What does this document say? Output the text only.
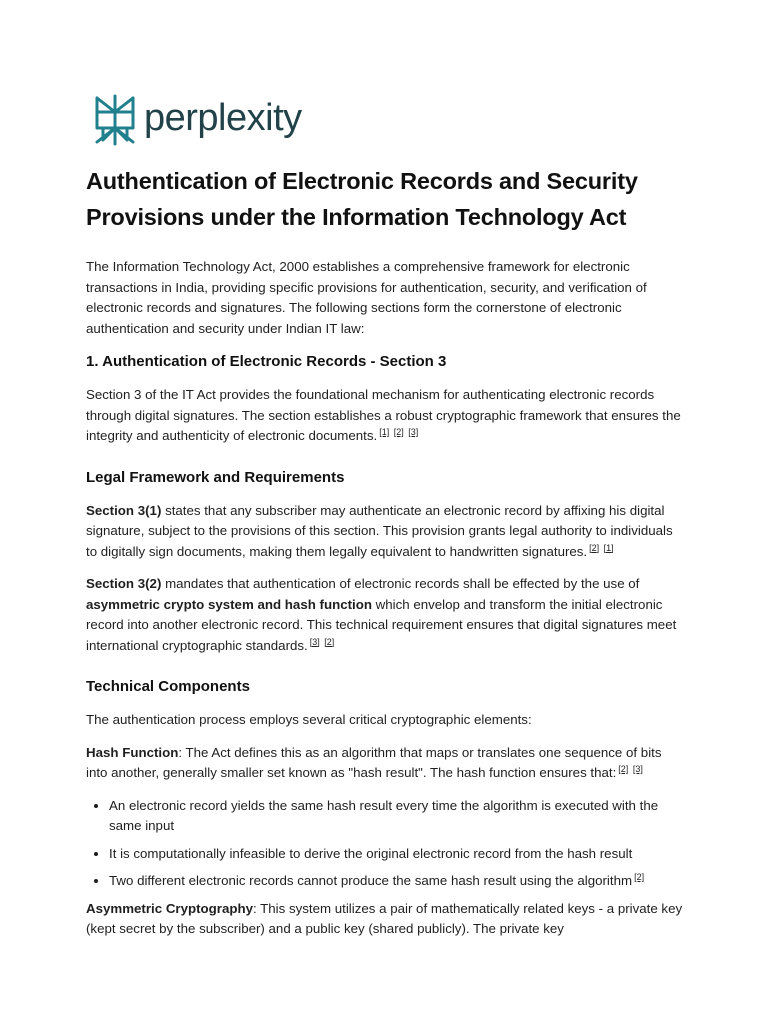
perplexity
Authentication of Electronic Records and Security Provisions under the Information Technology Act

The Information Technology Act, 2000 establishes a comprehensive framework for electronic transactions in India, providing specific provisions for authentication, security, and verification of electronic records and signatures. The following sections form the cornerstone of electronic authentication and security under Indian IT law:

1. Authentication of Electronic Records - Section 3

Section 3 of the IT Act provides the foundational mechanism for authenticating electronic records through digital signatures. The section establishes a robust cryptographic framework that ensures the integrity and authenticity of electronic documents. [1] [2] [3]

Legal Framework and Requirements

Section 3(1) states that any subscriber may authenticate an electronic record by affixing his digital signature, subject to the provisions of this section. This provision grants legal authority to individuals to digitally sign documents, making them legally equivalent to handwritten signatures. [2] [1]

Section 3(2) mandates that authentication of electronic records shall be effected by the use of asymmetric crypto system and hash function which envelop and transform the initial electronic record into another electronic record. This technical requirement ensures that digital signatures meet international cryptographic standards. [3] [2]

Technical Components

The authentication process employs several critical cryptographic elements:

Hash Function: The Act defines this as an algorithm that maps or translates one sequence of bits into another, generally smaller set known as "hash result". The hash function ensures that: [2] [3]

• An electronic record yields the same hash result every time the algorithm is executed with the same input
• It is computationally infeasible to derive the original electronic record from the hash result
• Two different electronic records cannot produce the same hash result using the algorithm [2]

Asymmetric Cryptography: This system utilizes a pair of mathematically related keys - a private key (kept secret by the subscriber) and a public key (shared publicly). The private key
